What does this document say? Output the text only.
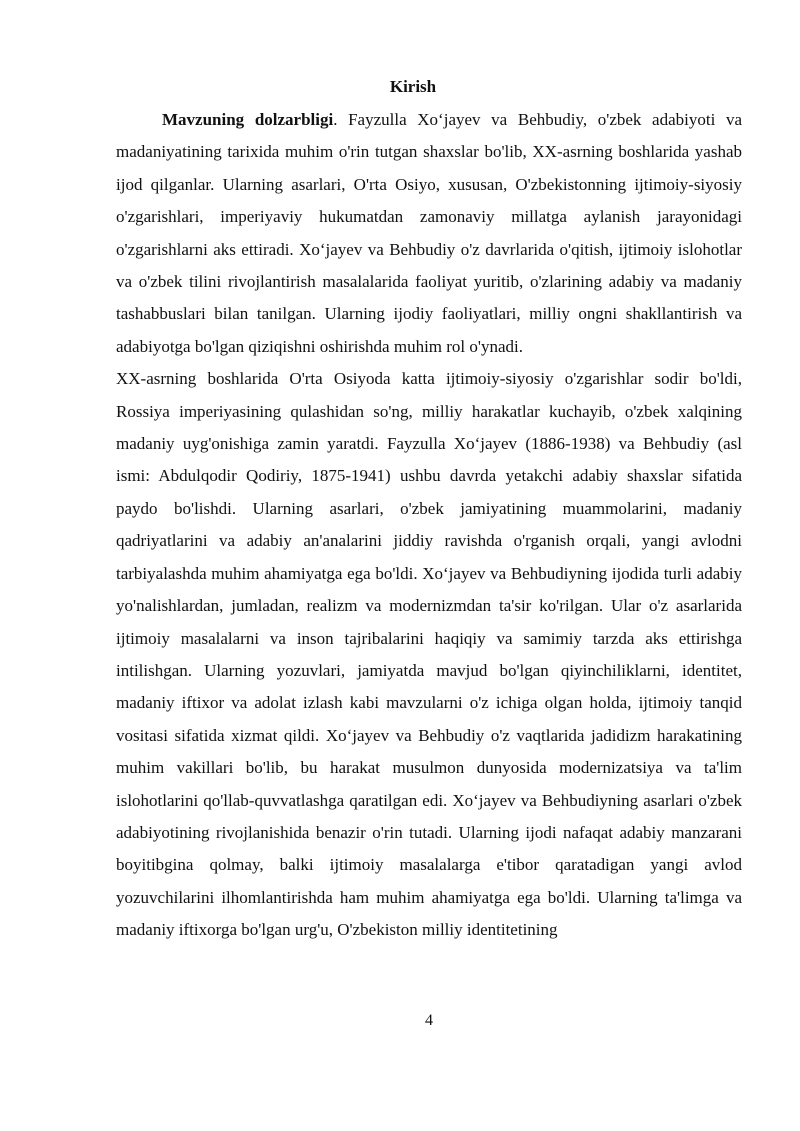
Kirish

Mavzuning dolzarbligi. Fayzulla Xo‘jayev va Behbudiy, o'zbek adabiyoti va madaniyatining tarixida muhim o'rin tutgan shaxslar bo'lib, XX-asrning boshlarida yashab ijod qilganlar. Ularning asarlari, O'rta Osiyo, xususan, O'zbekistonning ijtimoiy-siyosiy o'zgarishlari, imperiyaviy hukumatdan zamonaviy millatga aylanish jarayonidagi o'zgarishlarni aks ettiradi. Xo‘jayev va Behbudiy o'z davrlarida o'qitish, ijtimoiy islohotlar va o'zbek tilini rivojlantirish masalalarida faoliyat yuritib, o'zlarining adabiy va madaniy tashabbuslari bilan tanilgan. Ularning ijodiy faoliyatlari, milliy ongni shakllantirish va adabiyotga bo'lgan qiziqishni oshirishda muhim rol o'ynadi.

XX-asrning boshlarida O'rta Osiyoda katta ijtimoiy-siyosiy o'zgarishlar sodir bo'ldi, Rossiya imperiyasining qulashidan so'ng, milliy harakatlar kuchayib, o'zbek xalqining madaniy uyg'onishiga zamin yaratdi. Fayzulla Xo‘jayev (1886-1938) va Behbudiy (asl ismi: Abdulqodir Qodiriy, 1875-1941) ushbu davrda yetakchi adabiy shaxslar sifatida paydo bo'lishdi. Ularning asarlari, o'zbek jamiyatining muammolarini, madaniy qadriyatlarini va adabiy an'analarini jiddiy ravishda o'rganish orqali, yangi avlodni tarbiyalashda muhim ahamiyatga ega bo'ldi. Xo‘jayev va Behbudiyning ijodida turli adabiy yo'nalishlardan, jumladan, realizm va modernizmdan ta'sir ko'rilgan. Ular o'z asarlarida ijtimoiy masalalarni va inson tajribalarini haqiqiy va samimiy tarzda aks ettirishga intilishgan. Ularning yozuvlari, jamiyatda mavjud bo'lgan qiyinchiliklarni, identitet, madaniy iftixor va adolat izlash kabi mavzularni o'z ichiga olgan holda, ijtimoiy tanqid vositasi sifatida xizmat qildi. Xo‘jayev va Behbudiy o'z vaqtlarida jadidizm harakatining muhim vakillari bo'lib, bu harakat musulmon dunyosida modernizatsiya va ta'lim islohotlarini qo'llab-quvvatlashga qaratilgan edi. Xo‘jayev va Behbudiyning asarlari o'zbek adabiyotining rivojlanishida benazir o'rin tutadi. Ularning ijodi nafaqat adabiy manzarani boyitibgina qolmay, balki ijtimoiy masalalarga e'tibor qaratadigan yangi avlod yozuvchilarini ilhomlantirishda ham muhim ahamiyatga ega bo'ldi. Ularning ta'limga va madaniy iftixorga bo'lgan urg'u, O'zbekiston milliy identitetining

4
